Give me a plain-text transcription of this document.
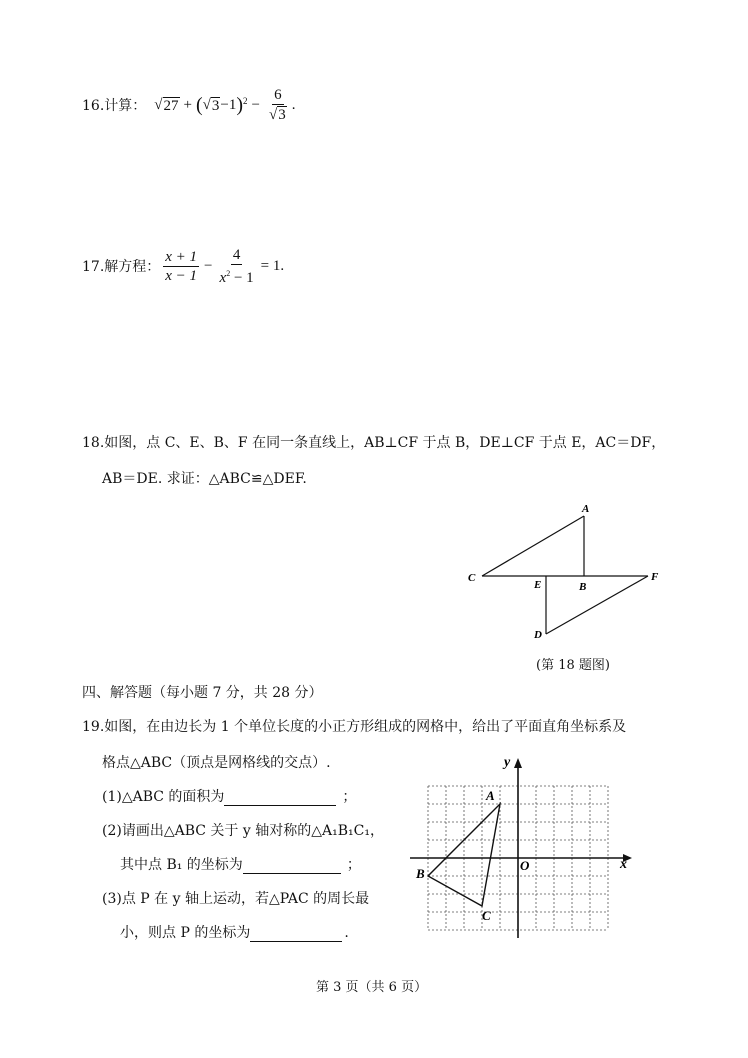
16.计算： √ 27 + ( √ 3 −1 )$^2 - \frac{6}{√3}$ .
17.解方程： $\frac{x + 1}{x - 1} - \frac{4}{x^2 - 1} = 1$.
18.如图，点 C、E、B、F 在同一条直线上，AB⊥CF 于点 B，DE⊥CF 于点 E，AC＝DF，
AB＝DE. 求证：△ABC≌△DEF.
A
C
E	B
F
D
(第 18 题图)
四、解答题（每小题 7 分，共 28 分）
19.如图，在由边长为 1 个单位长度的小正方形组成的网格中，给出了平面直角坐标系及
格点△ABC（顶点是网格线的交点）.
(1)△ABC 的面积为	；
(2)请画出△ABC 关于 y 轴对称的△A₁B₁C₁，
其中点 B₁ 的坐标为	；
(3)点 P 在 y 轴上运动，若△PAC 的周长最
小，则点 P 的坐标为	.
y
x
O
A
B
C
第 3 页（共 6 页）
